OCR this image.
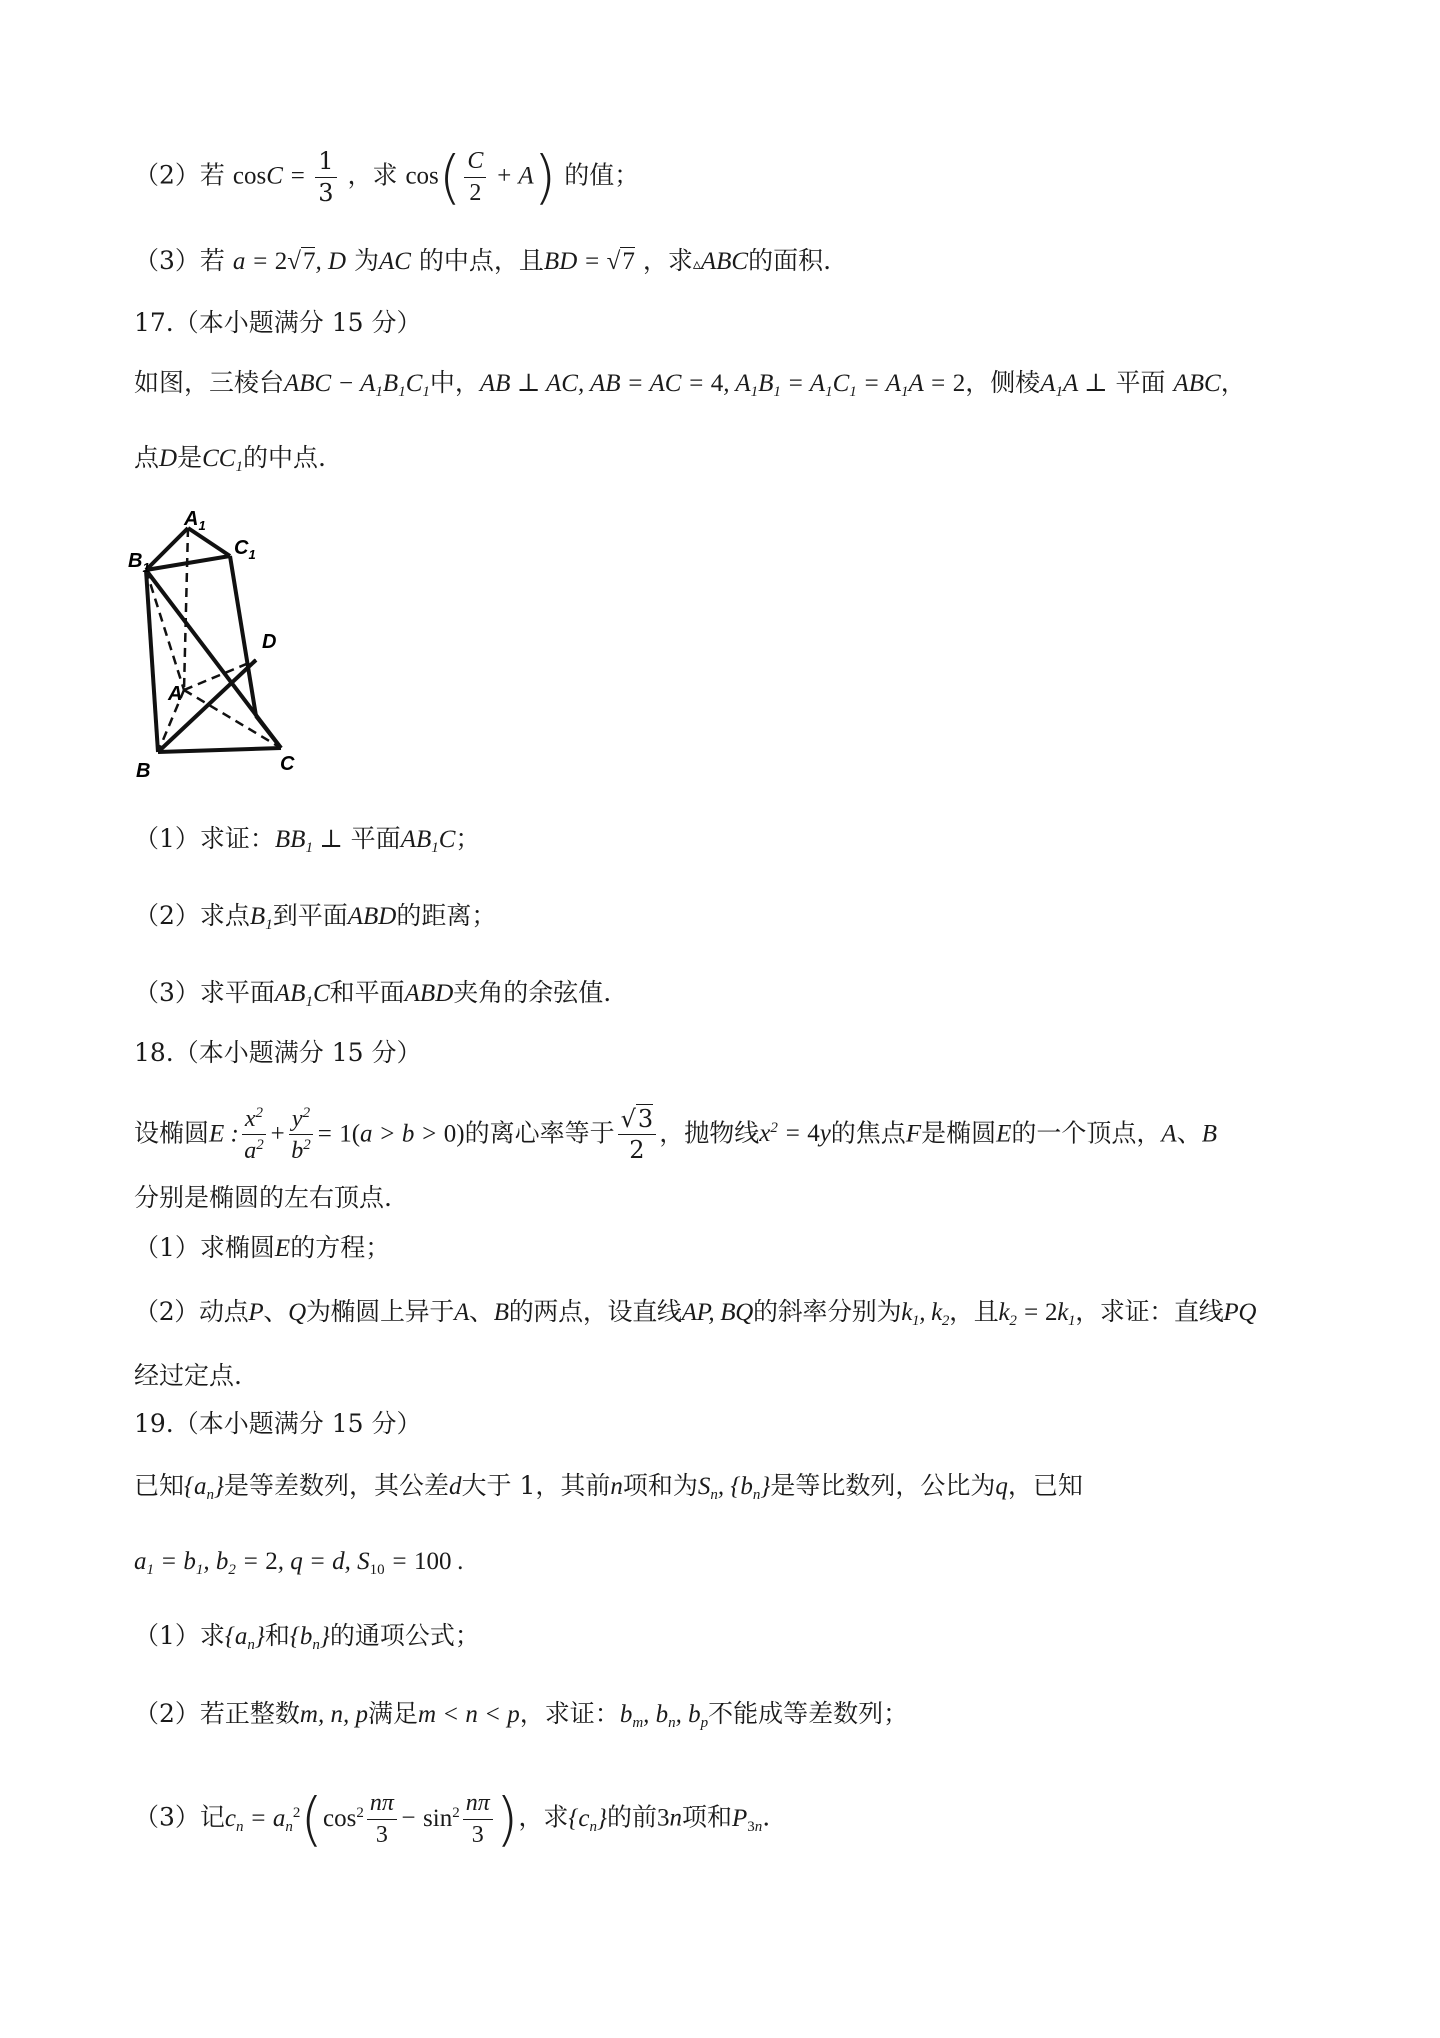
（2）若 $\cos C = \frac{1}{3}$ ，求 $\cos( \frac{C}{2} + A)$ 的值；
（3）若 a = 2√7, D 为AC 的中点，且BD = √7 ，求▵ABC的面积.
17.（本小题满分 15 分）
如图，三棱台ABC − $A_1B_1C_1$中，AB ⊥ AC, AB = AC = 4, $A_1B_1 = A_1C_1 = A_1A = 2$，侧棱$A_1A$ ⊥ 平面 ABC，
点D是$CC_1$的中点.
$A_1$
$B_1$
$C_1$
A
B	C
D
（1）求证：$BB_1$ ⊥ 平面$AB_1C$；
（2）求点$B_1$到平面ABD的距离；
（3）求平面$AB_1C$和平面ABD夹角的余弦值.
18.（本小题满分 15 分）
设椭圆E : $\frac{x^2}{a^2} + \frac{y^2}{b^2} = 1(a > b > 0)$的离心率等于 $\frac{√3}{2}$ ，抛物线$x^2 = 4y$的焦点F是椭圆E的一个顶点，A、B
分别是椭圆的左右顶点.
（1）求椭圆E的方程；
（2）动点P、Q为椭圆上异于A、B的两点，设直线AP, BQ的斜率分别为$k_1$, $k_2$，且$k_2 = 2k_1$，求证：直线PQ
经过定点.
19.（本小题满分 15 分）
已知$\{a_n\}$是等差数列，其公差d大于 1，其前n项和为$S_n$, $\{b_n\}$是等比数列，公比为q，已知
$a_1 = b_1$, $b_2 = 2$, q = d, $S_{10} = 100$ .
（1）求$\{a_n\}$和$\{b_n\}$的通项公式；
（2）若正整数m, n, p满足m < n < p，求证：$b_m$, $b_n$, $b_p$不能成等差数列；
（3）记$c_n = a_n^2(\cos^2 \frac{n\pi}{3} - \sin^2 \frac{n\pi}{3}$ )，求$\{c_n\}$的前3n项和$P_{3n}$.
